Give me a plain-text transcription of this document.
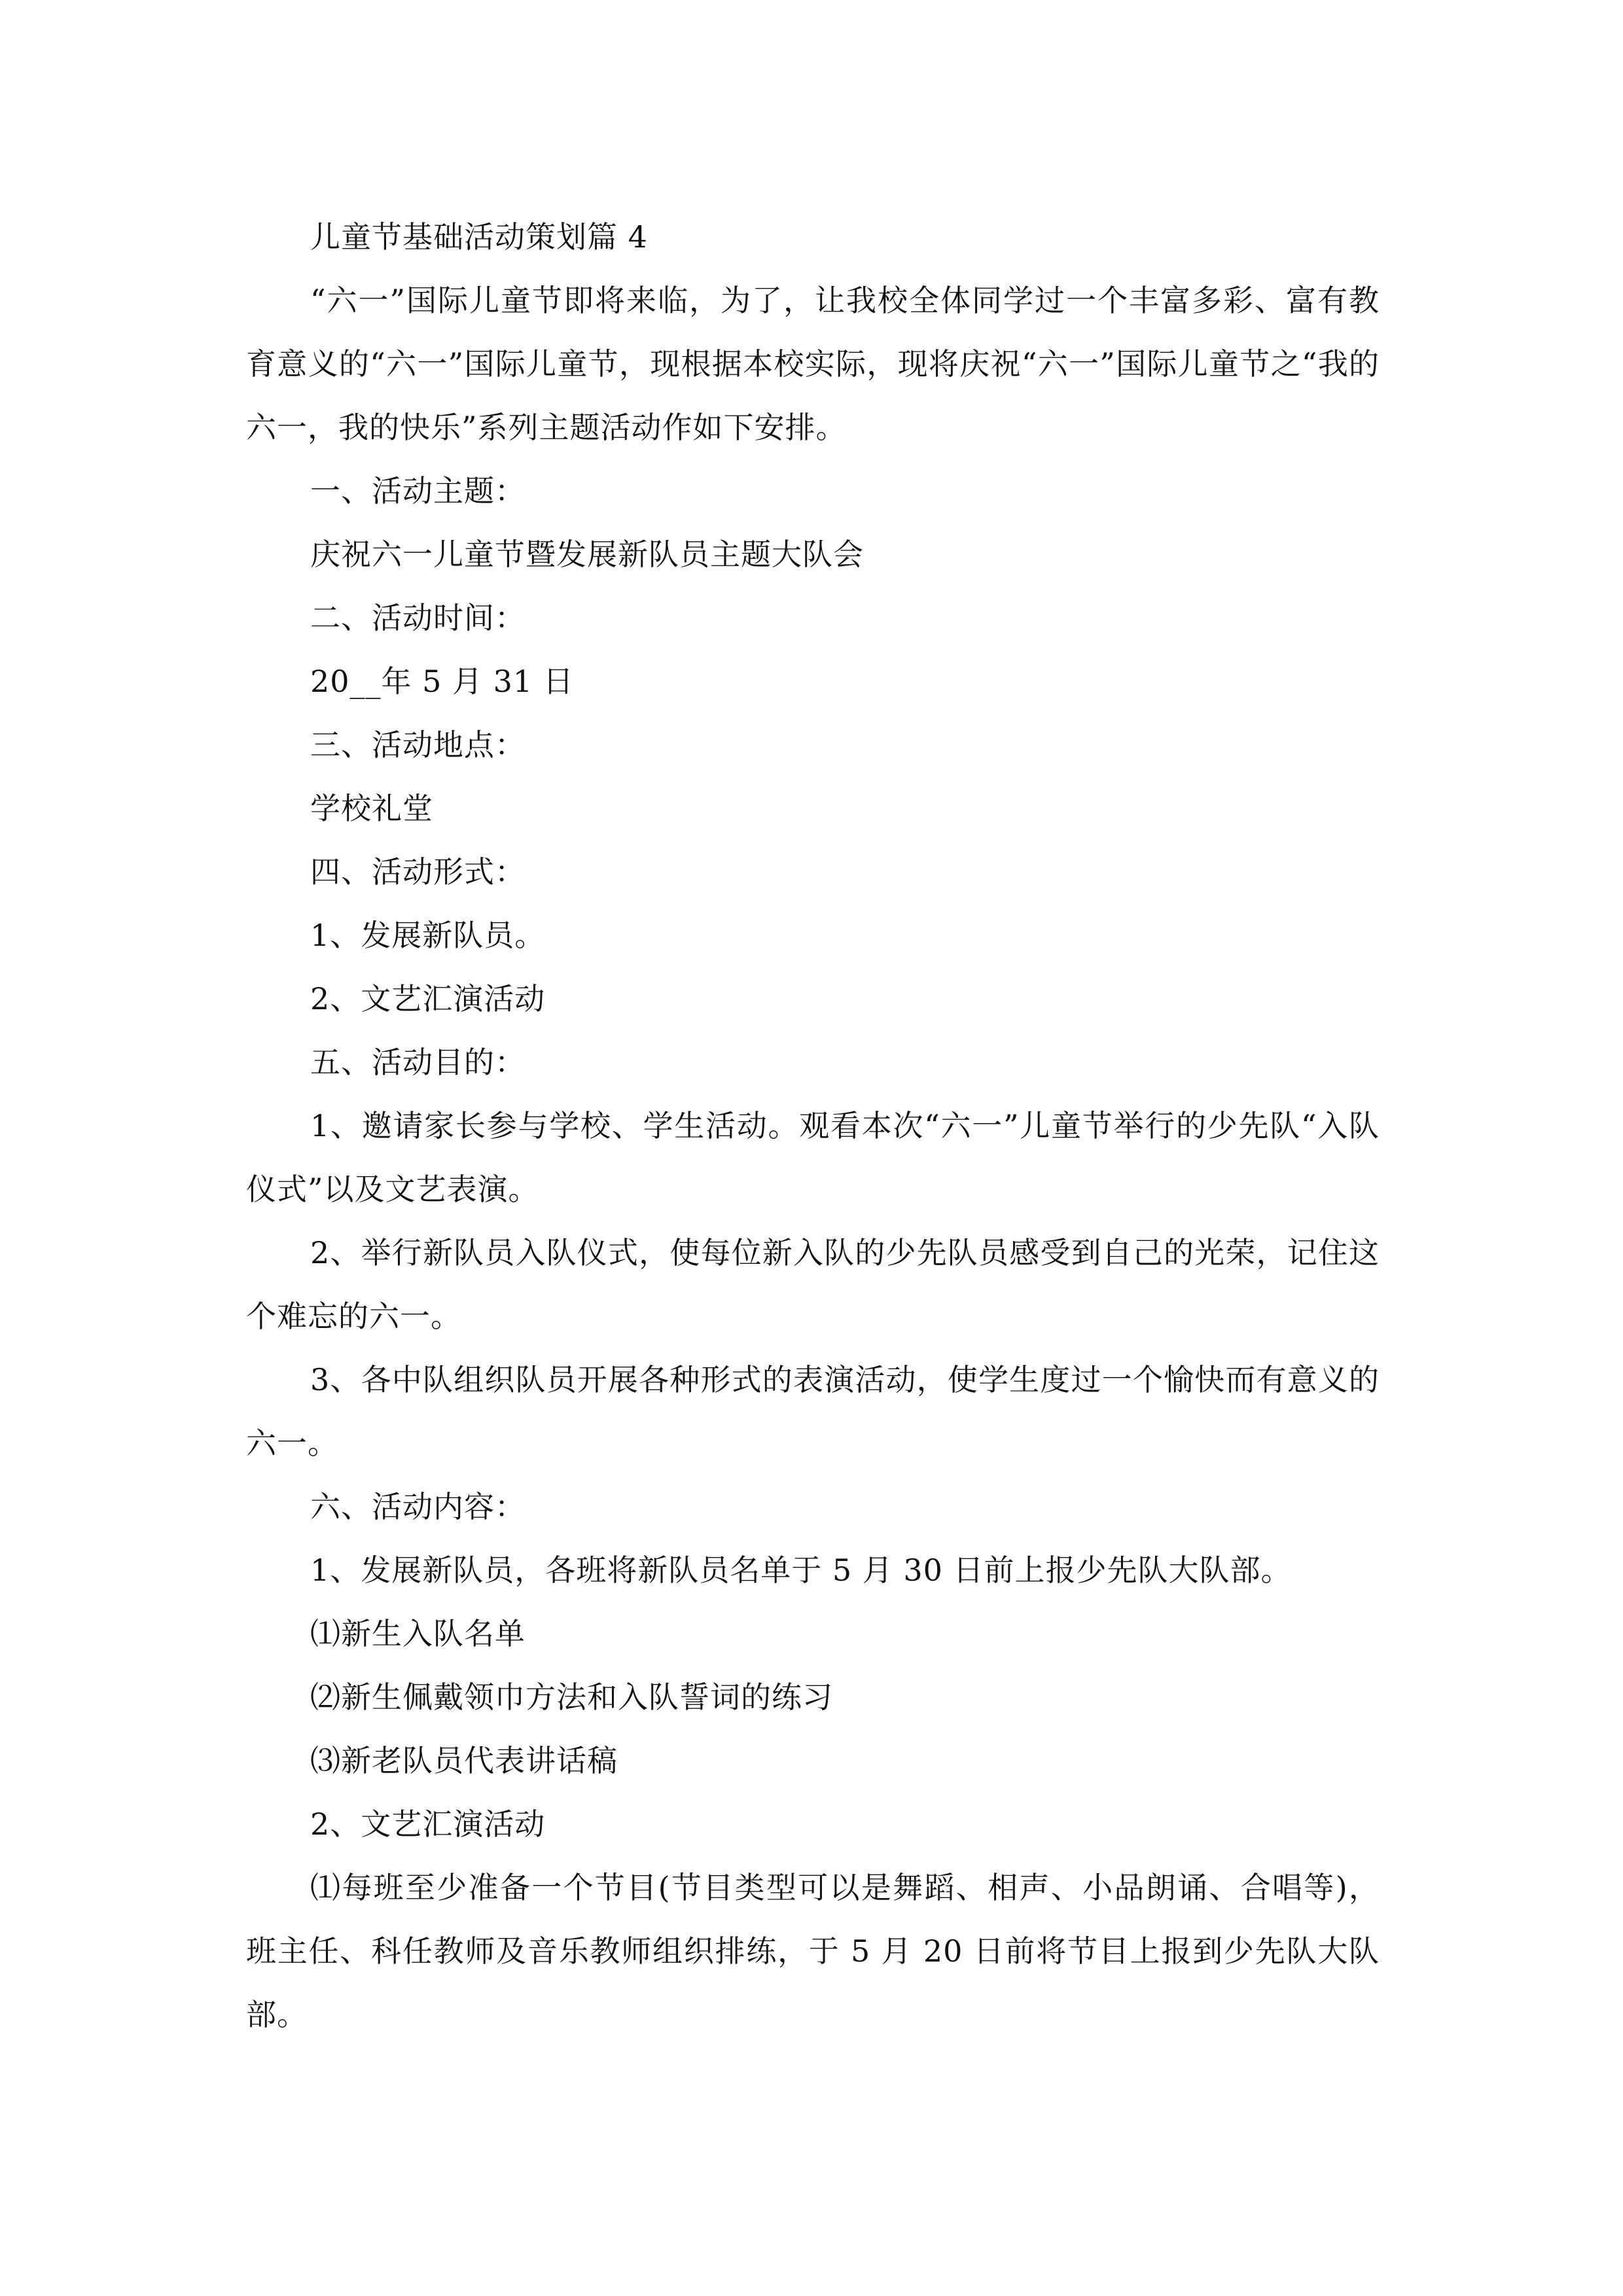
儿童节基础活动策划篇 4

“六一”国际儿童节即将来临，为了，让我校全体同学过一个丰富多彩、富有教育意义的“六一”国际儿童节，现根据本校实际，现将庆祝“六一”国际儿童节之“我的六一，我的快乐”系列主题活动作如下安排。

一、活动主题：

庆祝六一儿童节暨发展新队员主题大队会

二、活动时间：

20__年 5 月 31 日

三、活动地点：

学校礼堂

四、活动形式：

1、发展新队员。

2、文艺汇演活动

五、活动目的：

1、邀请家长参与学校、学生活动。观看本次“六一”儿童节举行的少先队“入队仪式”以及文艺表演。

2、举行新队员入队仪式，使每位新入队的少先队员感受到自己的光荣，记住这个难忘的六一。

3、各中队组织队员开展各种形式的表演活动，使学生度过一个愉快而有意义的六一。

六、活动内容：

1、发展新队员，各班将新队员名单于 5 月 30 日前上报少先队大队部。

⑴新生入队名单

⑵新生佩戴领巾方法和入队誓词的练习

⑶新老队员代表讲话稿

2、文艺汇演活动

⑴每班至少准备一个节目(节目类型可以是舞蹈、相声、小品朗诵、合唱等)，班主任、科任教师及音乐教师组织排练，于 5 月 20 日前将节目上报到少先队大队部。
